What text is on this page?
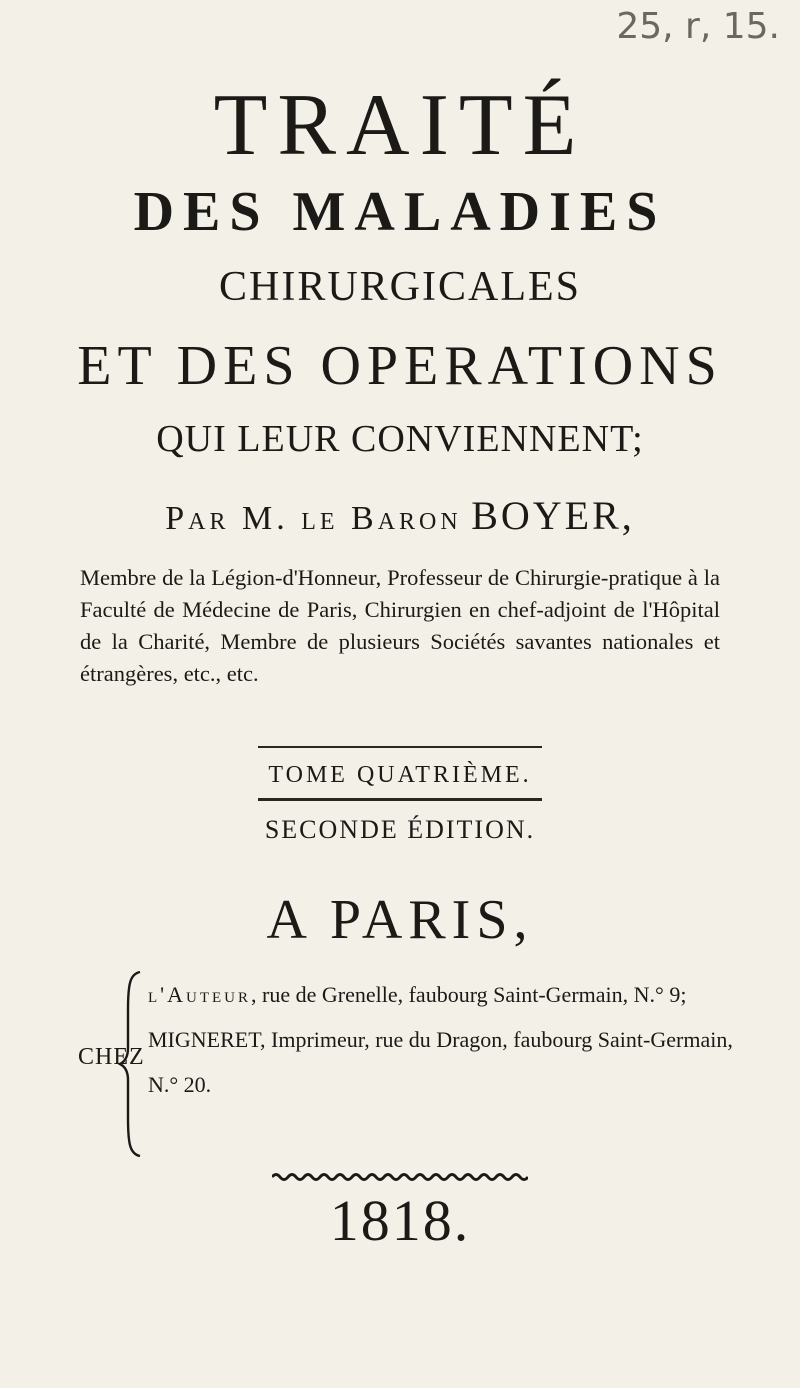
25, r, 15.
TRAITÉ
DES MALADIES
CHIRURGICALES
ET DES OPERATIONS
QUI LEUR CONVIENNENT;
Par M. le Baron BOYER,
Membre de la Légion-d'Honneur, Professeur de Chirurgie-pratique à la Faculté de Médecine de Paris, Chirurgien en chef-adjoint de l'Hôpital de la Charité, Membre de plusieurs Sociétés savantes nationales et étrangères, etc., etc.
TOME QUATRIÈME.
SECONDE ÉDITION.
A PARIS,
CHEZ
l'Auteur, rue de Grenelle, faubourg Saint-Germain, N.° 9;
MIGNERET, Imprimeur, rue du Dragon, faubourg Saint-Germain, N.° 20.
1818.
